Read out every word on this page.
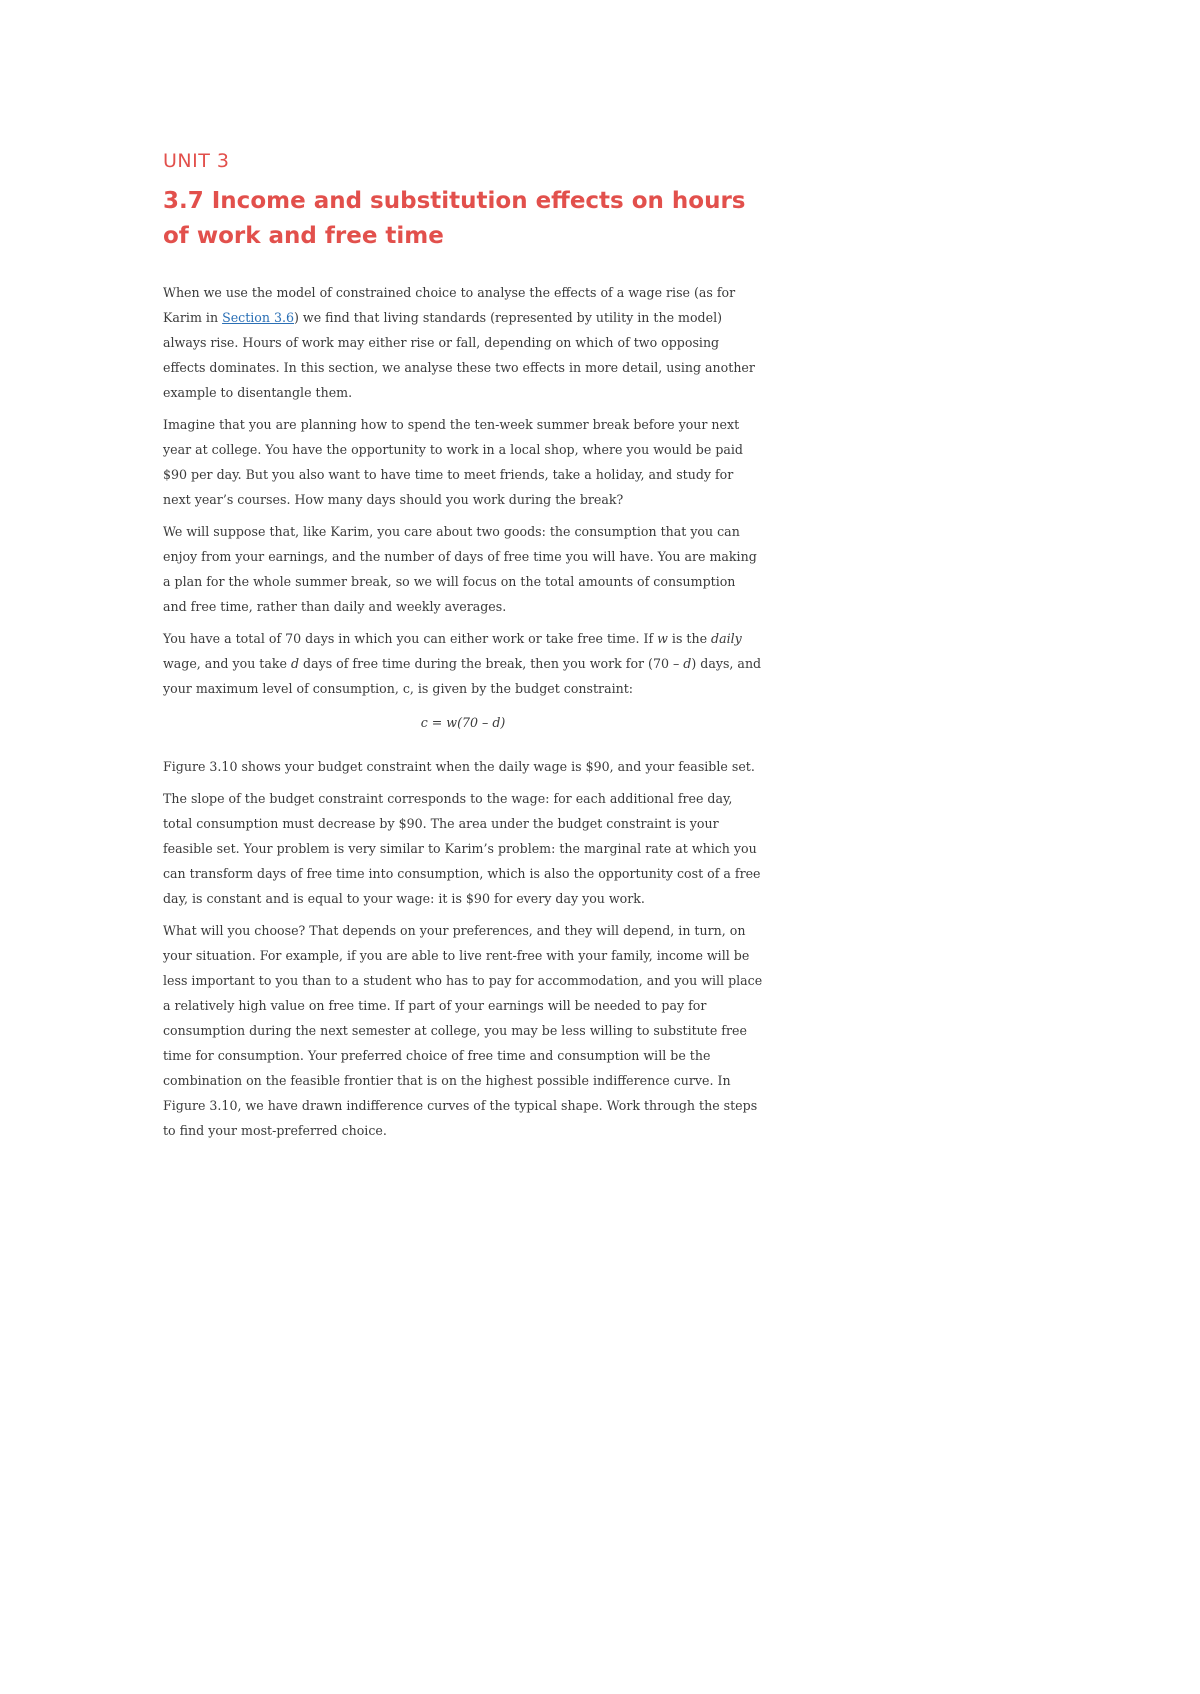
UNIT 3
3.7 Income and substitution effects on hours of work and free time

When we use the model of constrained choice to analyse the effects of a wage rise (as for Karim in Section 3.6) we find that living standards (represented by utility in the model) always rise. Hours of work may either rise or fall, depending on which of two opposing effects dominates. In this section, we analyse these two effects in more detail, using another example to disentangle them.

Imagine that you are planning how to spend the ten-week summer break before your next year at college. You have the opportunity to work in a local shop, where you would be paid $90 per day. But you also want to have time to meet friends, take a holiday, and study for next year’s courses. How many days should you work during the break?

We will suppose that, like Karim, you care about two goods: the consumption that you can enjoy from your earnings, and the number of days of free time you will have. You are making a plan for the whole summer break, so we will focus on the total amounts of consumption and free time, rather than daily and weekly averages.

You have a total of 70 days in which you can either work or take free time. If w is the daily wage, and you take d days of free time during the break, then you work for (70 – d) days, and your maximum level of consumption, c, is given by the budget constraint:

c = w(70 – d)

Figure 3.10 shows your budget constraint when the daily wage is $90, and your feasible set.

The slope of the budget constraint corresponds to the wage: for each additional free day, total consumption must decrease by $90. The area under the budget constraint is your feasible set. Your problem is very similar to Karim’s problem: the marginal rate at which you can transform days of free time into consumption, which is also the opportunity cost of a free day, is constant and is equal to your wage: it is $90 for every day you work.

What will you choose? That depends on your preferences, and they will depend, in turn, on your situation. For example, if you are able to live rent-free with your family, income will be less important to you than to a student who has to pay for accommodation, and you will place a relatively high value on free time. If part of your earnings will be needed to pay for consumption during the next semester at college, you may be less willing to substitute free time for consumption. Your preferred choice of free time and consumption will be the combination on the feasible frontier that is on the highest possible indifference curve. In Figure 3.10, we have drawn indifference curves of the typical shape. Work through the steps to find your most-preferred choice.
